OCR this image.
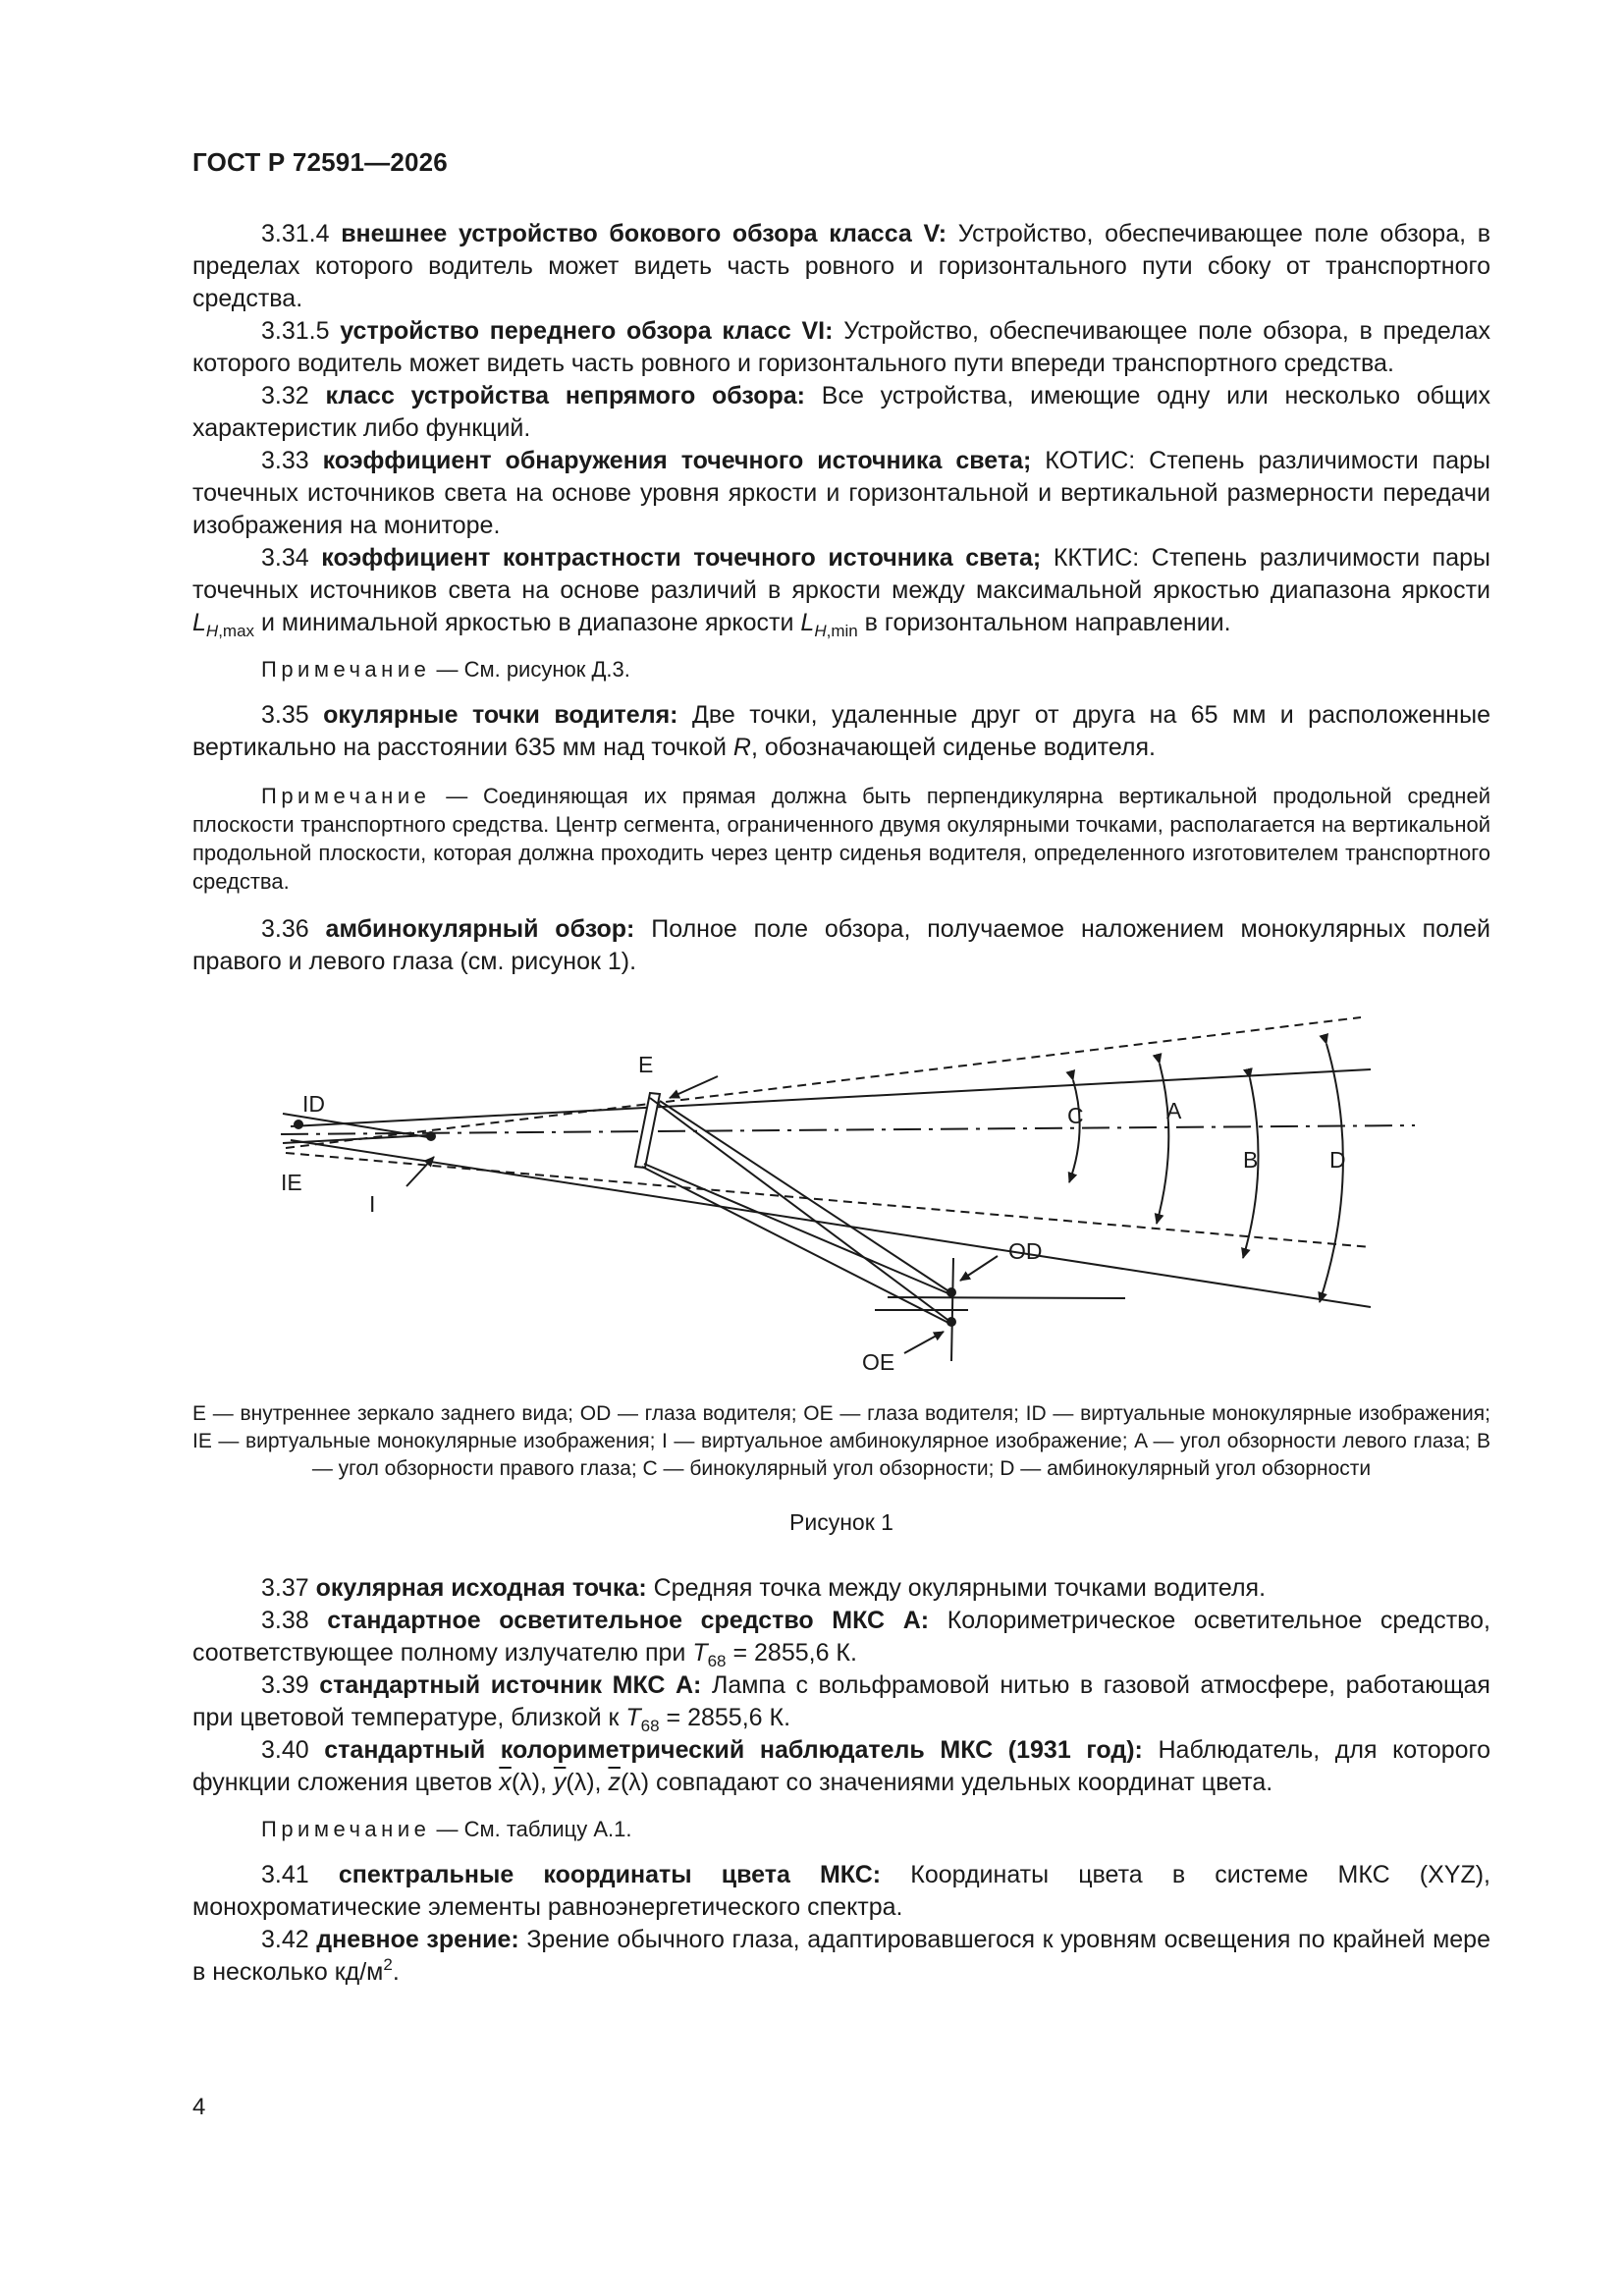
ГОСТ Р 72591—2026

3.31.4 внешнее устройство бокового обзора класса V: Устройство, обеспечивающее поле обзора, в пределах которого водитель может видеть часть ровного и горизонтального пути сбоку от транспортного средства.

3.31.5 устройство переднего обзора класс VI: Устройство, обеспечивающее поле обзора, в пределах которого водитель может видеть часть ровного и горизонтального пути впереди транспортного средства.

3.32 класс устройства непрямого обзора: Все устройства, имеющие одну или несколько общих характеристик либо функций.

3.33 коэффициент обнаружения точечного источника света; КОТИС: Степень различимости пары точечных источников света на основе уровня яркости и горизонтальной и вертикальной размерности передачи изображения на мониторе.

3.34 коэффициент контрастности точечного источника света; ККТИС: Степень различимости пары точечных источников света на основе различий в яркости между максимальной яркостью диапазона яркости $L_{H,max}$ и минимальной яркостью в диапазоне яркости $L_{H,min}$ в горизонтальном направлении.

Примечание — См. рисунок Д.3.

3.35 окулярные точки водителя: Две точки, удаленные друг от друга на 65 мм и расположенные вертикально на расстоянии 635 мм над точкой R, обозначающей сиденье водителя.

Примечание — Соединяющая их прямая должна быть перпендикулярна вертикальной продольной средней плоскости транспортного средства. Центр сегмента, ограниченного двумя окулярными точками, располагается на вертикальной продольной плоскости, которая должна проходить через центр сиденья водителя, определенного изготовителем транспортного средства.

3.36 амбинокулярный обзор: Полное поле обзора, получаемое наложением монокулярных полей правого и левого глаза (см. рисунок 1).

E
ID
IE
I
C	A
B	D
OD
OE

E — внутреннее зеркало заднего вида; OD — глаза водителя; OE — глаза водителя; ID — виртуальные монокулярные изображения; IE — виртуальные монокулярные изображения; I — виртуальное амбинокулярное изображение; A — угол обзорности левого глаза; B — угол обзорности правого глаза; C — бинокулярный угол обзорности; D — амбинокулярный угол обзорности

Рисунок 1

3.37 окулярная исходная точка: Средняя точка между окулярными точками водителя.

3.38 стандартное осветительное средство МКС А: Колориметрическое осветительное средство, соответствующее полному излучателю при $T_{68} = 2855,6$ К.

3.39 стандартный источник МКС А: Лампа с вольфрамовой нитью в газовой атмосфере, работающая при цветовой температуре, близкой к $T_{68} = 2855,6$ К.

3.40 стандартный колориметрический наблюдатель МКС (1931 год): Наблюдатель, для которого функции сложения цветов $\overline{x}(\lambda)$, $\overline{y}(\lambda)$, $\overline{z}(\lambda)$ совпадают со значениями удельных координат цвета.

Примечание — См. таблицу А.1.

3.41 спектральные координаты цвета МКС: Координаты цвета в системе МКС (XYZ), монохроматические элементы равноэнергетического спектра.

3.42 дневное зрение: Зрение обычного глаза, адаптировавшегося к уровням освещения по крайней мере в несколько $кд/м^2$.

4
